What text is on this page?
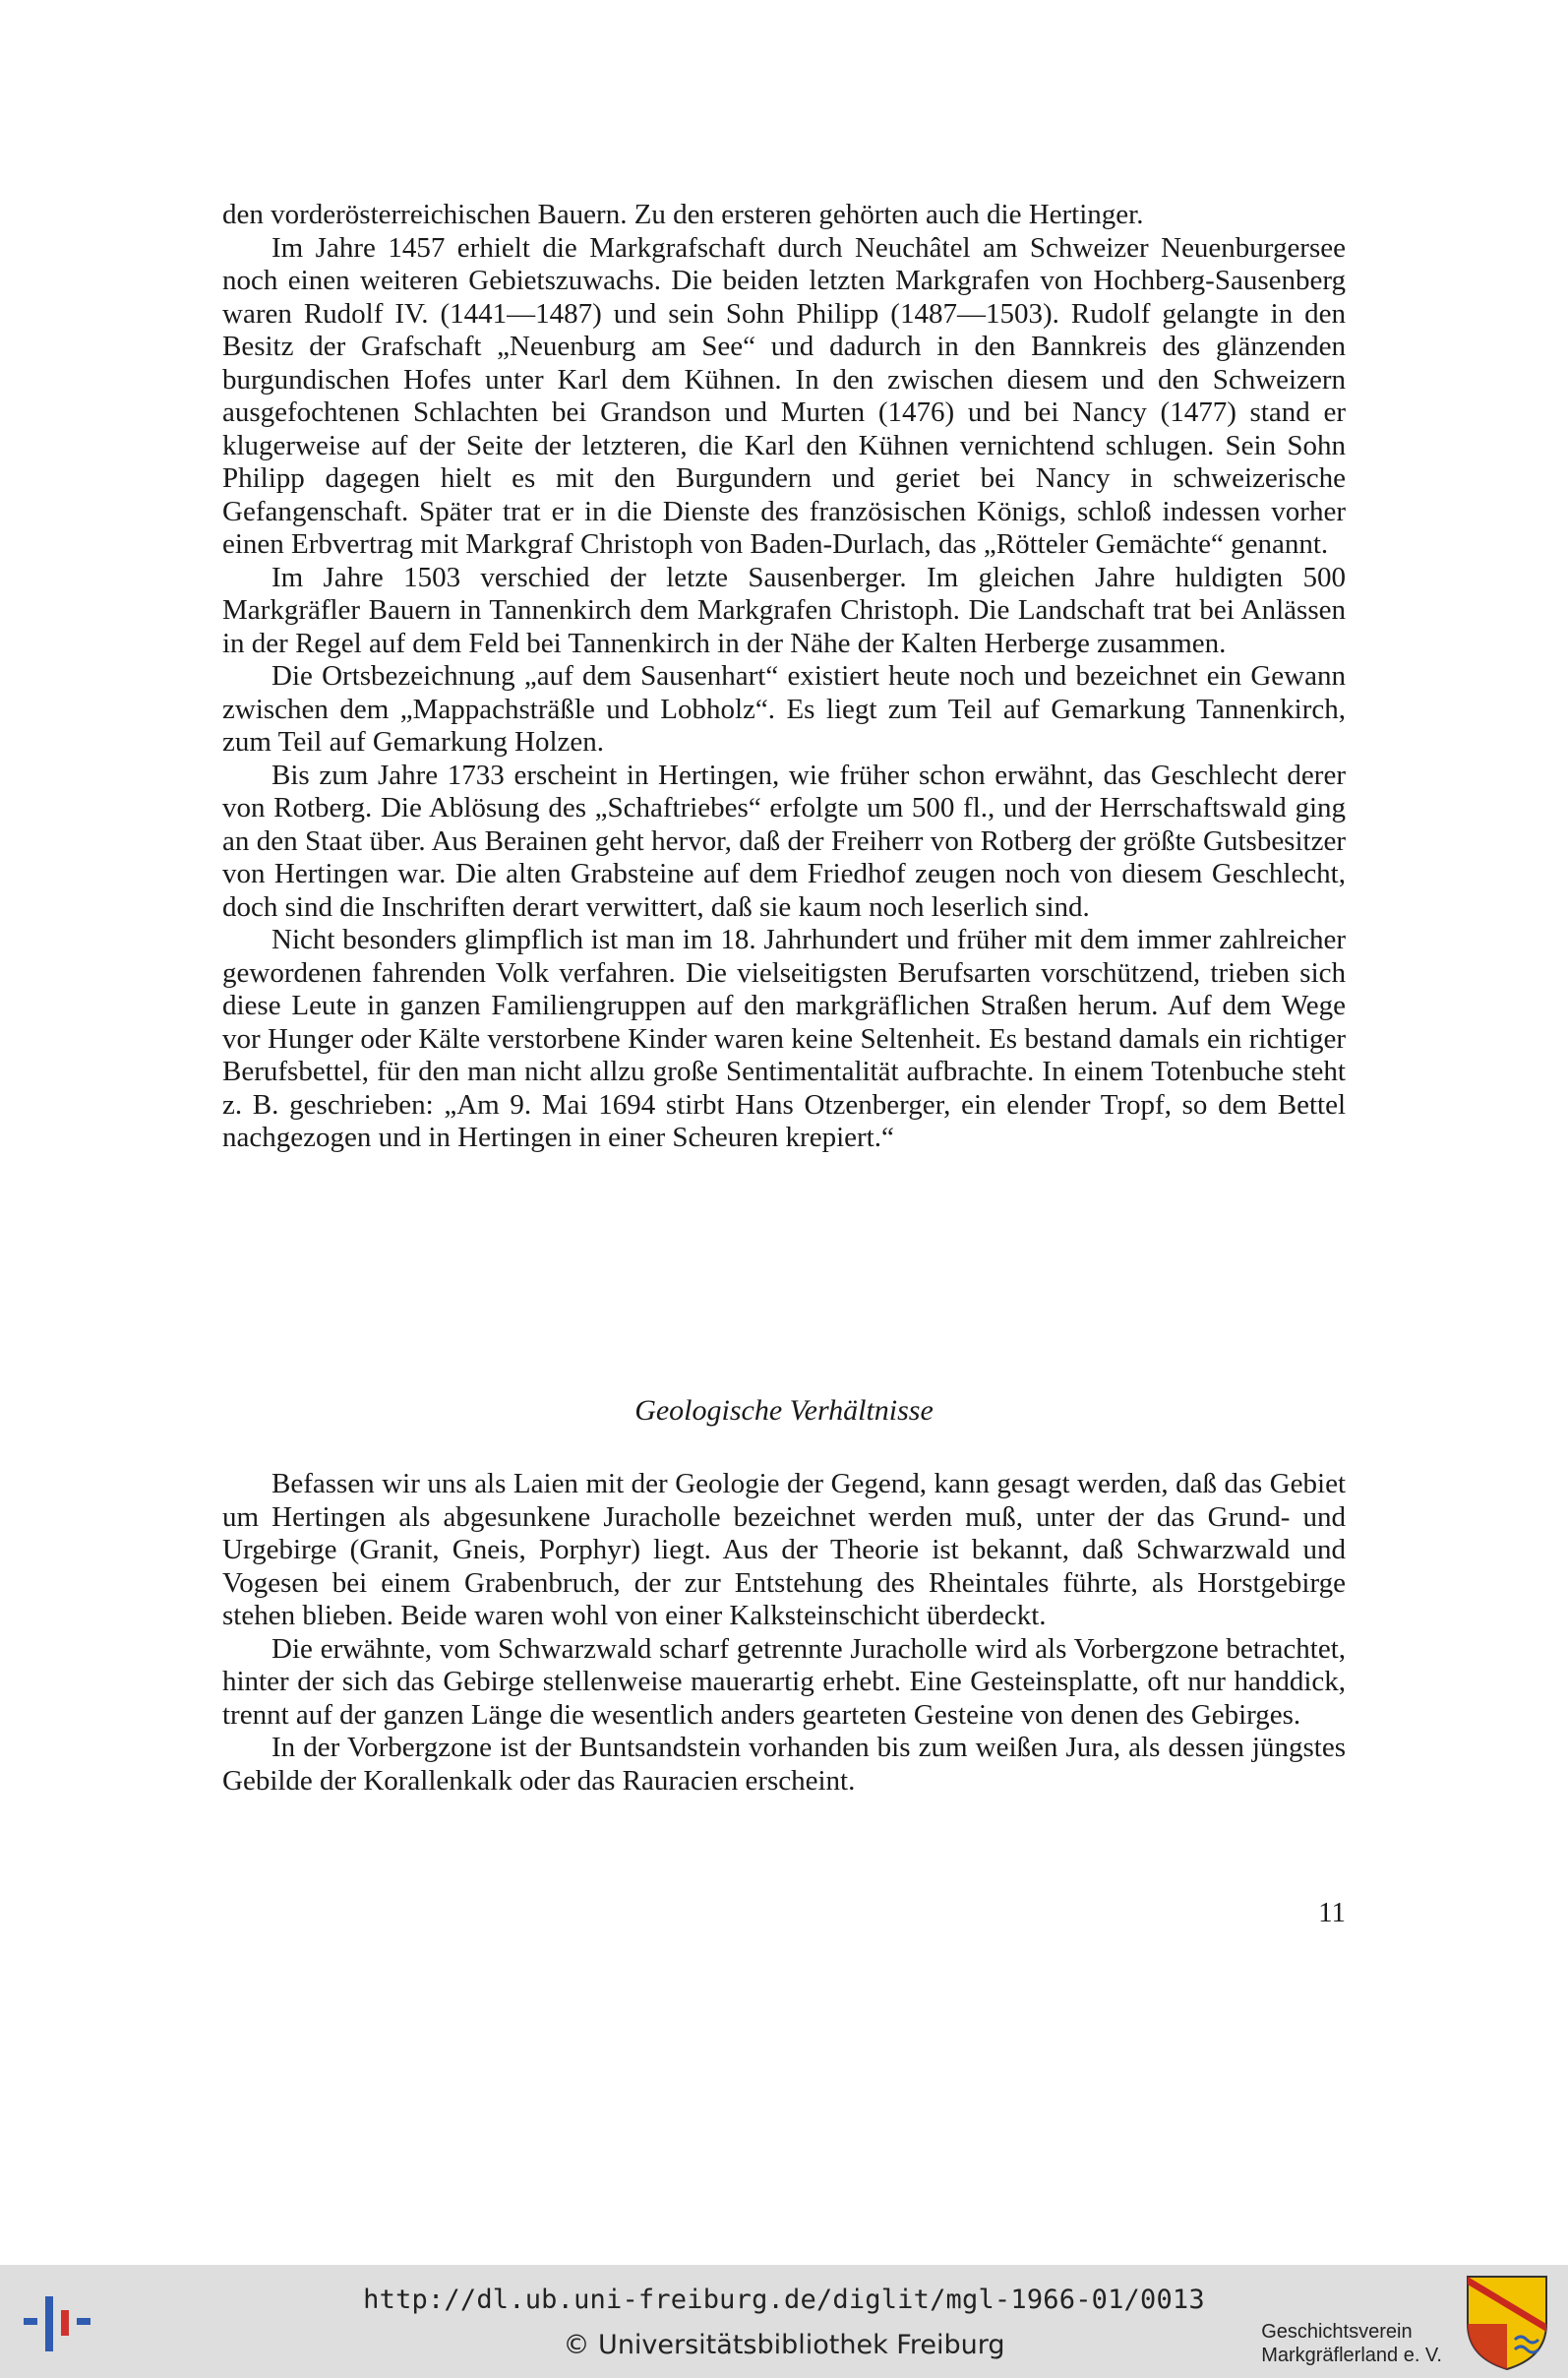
den vorderösterreichischen Bauern. Zu den ersteren gehörten auch die Hertinger.

Im Jahre 1457 erhielt die Markgrafschaft durch Neuchâtel am Schweizer Neuenburgersee noch einen weiteren Gebietszuwachs. Die beiden letzten Markgrafen von Hochberg-Sausenberg waren Rudolf IV. (1441—1487) und sein Sohn Philipp (1487—1503). Rudolf gelangte in den Besitz der Grafschaft „Neuenburg am See“ und dadurch in den Bannkreis des glänzenden burgundischen Hofes unter Karl dem Kühnen. In den zwischen diesem und den Schweizern ausgefochtenen Schlachten bei Grandson und Murten (1476) und bei Nancy (1477) stand er klugerweise auf der Seite der letzteren, die Karl den Kühnen vernichtend schlugen. Sein Sohn Philipp dagegen hielt es mit den Burgundern und geriet bei Nancy in schweizerische Gefangenschaft. Später trat er in die Dienste des französischen Königs, schloß indessen vorher einen Erbvertrag mit Markgraf Christoph von Baden-Durlach, das „Rötteler Gemächte“ genannt.

Im Jahre 1503 verschied der letzte Sausenberger. Im gleichen Jahre huldigten 500 Markgräfler Bauern in Tannenkirch dem Markgrafen Christoph. Die Landschaft trat bei Anlässen in der Regel auf dem Feld bei Tannenkirch in der Nähe der Kalten Herberge zusammen.

Die Ortsbezeichnung „auf dem Sausenhart“ existiert heute noch und bezeichnet ein Gewann zwischen dem „Mappachsträßle und Lobholz“. Es liegt zum Teil auf Gemarkung Tannenkirch, zum Teil auf Gemarkung Holzen.

Bis zum Jahre 1733 erscheint in Hertingen, wie früher schon erwähnt, das Geschlecht derer von Rotberg. Die Ablösung des „Schaftriebes“ erfolgte um 500 fl., und der Herrschaftswald ging an den Staat über. Aus Berainen geht hervor, daß der Freiherr von Rotberg der größte Gutsbesitzer von Hertingen war. Die alten Grabsteine auf dem Friedhof zeugen noch von diesem Geschlecht, doch sind die Inschriften derart verwittert, daß sie kaum noch leserlich sind.

Nicht besonders glimpflich ist man im 18. Jahrhundert und früher mit dem immer zahlreicher gewordenen fahrenden Volk verfahren. Die vielseitigsten Berufsarten vorschützend, trieben sich diese Leute in ganzen Familiengruppen auf den markgräflichen Straßen herum. Auf dem Wege vor Hunger oder Kälte verstorbene Kinder waren keine Seltenheit. Es bestand damals ein richtiger Berufsbettel, für den man nicht allzu große Sentimentalität aufbrachte. In einem Totenbuche steht z. B. geschrieben: „Am 9. Mai 1694 stirbt Hans Otzenberger, ein elender Tropf, so dem Bettel nachgezogen und in Hertingen in einer Scheuren krepiert.“

Geologische Verhältnisse

Befassen wir uns als Laien mit der Geologie der Gegend, kann gesagt werden, daß das Gebiet um Hertingen als abgesunkene Juracholle bezeichnet werden muß, unter der das Grund- und Urgebirge (Granit, Gneis, Porphyr) liegt. Aus der Theorie ist bekannt, daß Schwarzwald und Vogesen bei einem Grabenbruch, der zur Entstehung des Rheintales führte, als Horstgebirge stehen blieben. Beide waren wohl von einer Kalksteinschicht überdeckt.

Die erwähnte, vom Schwarzwald scharf getrennte Juracholle wird als Vorbergzone betrachtet, hinter der sich das Gebirge stellenweise mauerartig erhebt. Eine Gesteinsplatte, oft nur handdick, trennt auf der ganzen Länge die wesentlich anders gearteten Gesteine von denen des Gebirges.

In der Vorbergzone ist der Buntsandstein vorhanden bis zum weißen Jura, als dessen jüngstes Gebilde der Korallenkalk oder das Rauracien erscheint.

11
http://dl.ub.uni-freiburg.de/diglit/mgl-1966-01/0013
© Universitätsbibliothek Freiburg	Geschichtsverein
Markgräflerland e. V.
